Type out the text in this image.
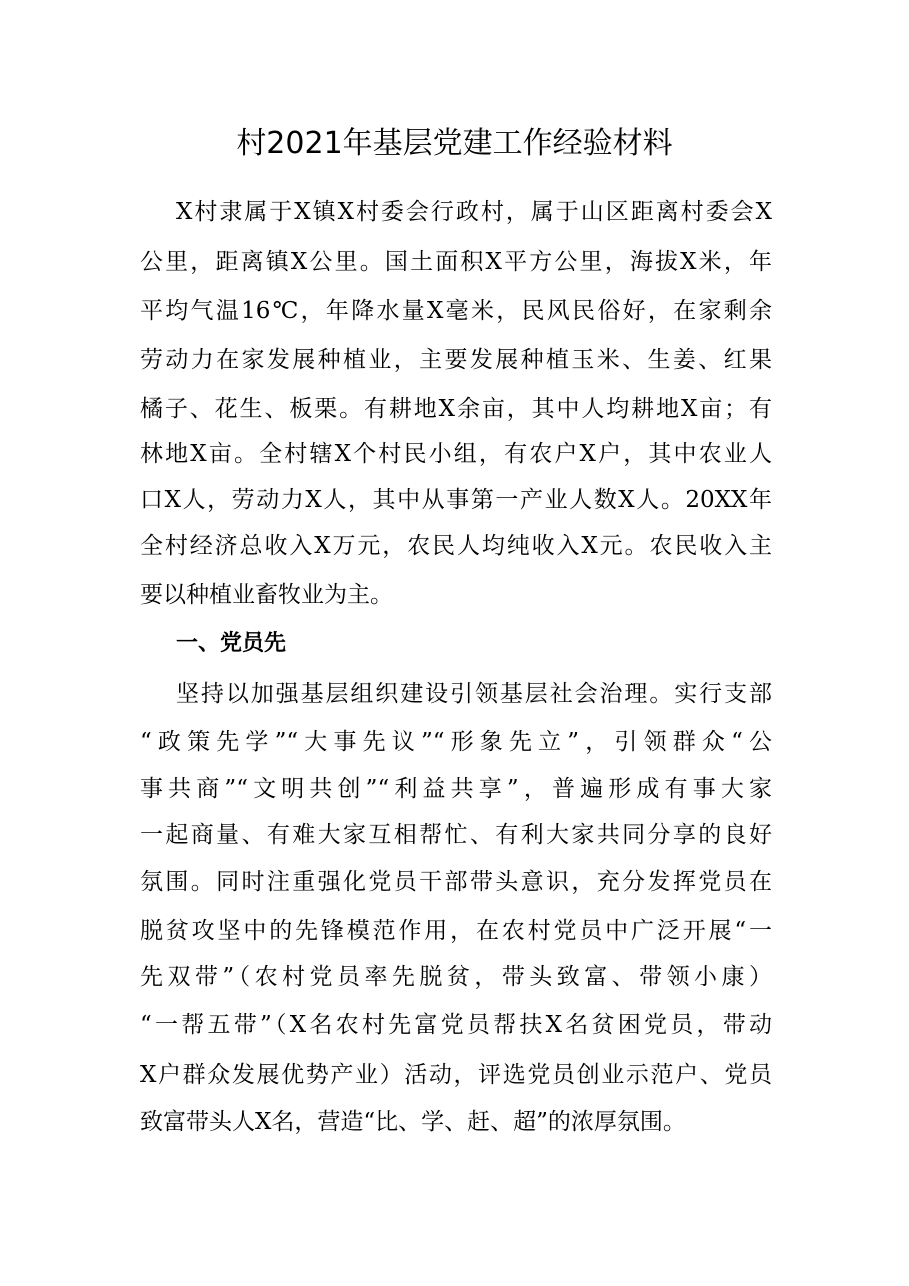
村2021年基层党建工作经验材料
X村隶属于X镇X村委会行政村，属于山区距离村委会X
公里，距离镇X公里。国土面积X平方公里，海拔X米，年
平均气温16℃，年降水量X毫米，民风民俗好，在家剩余
劳动力在家发展种植业，主要发展种植玉米、生姜、红果
橘子、花生、板栗。有耕地X余亩，其中人均耕地X亩；有
林地X亩。全村辖X个村民小组，有农户X户，其中农业人
口X人，劳动力X人，其中从事第一产业人数X人。20XX年
全村经济总收入X万元，农民人均纯收入X元。农民收入主
要以种植业畜牧业为主。
一、党员先
坚持以加强基层组织建设引领基层社会治理。实行支部
“政策先学”“大事先议”“形象先立”，引领群众“公
事共商”“文明共创”“利益共享”，普遍形成有事大家
一起商量、有难大家互相帮忙、有利大家共同分享的良好
氛围。同时注重强化党员干部带头意识，充分发挥党员在
脱贫攻坚中的先锋模范作用，在农村党员中广泛开展“一
先双带”（农村党员率先脱贫，带头致富、带领小康）
“一帮五带”（X名农村先富党员帮扶X名贫困党员，带动
X户群众发展优势产业）活动，评选党员创业示范户、党员
致富带头人X名，营造“比、学、赶、超”的浓厚氛围。
